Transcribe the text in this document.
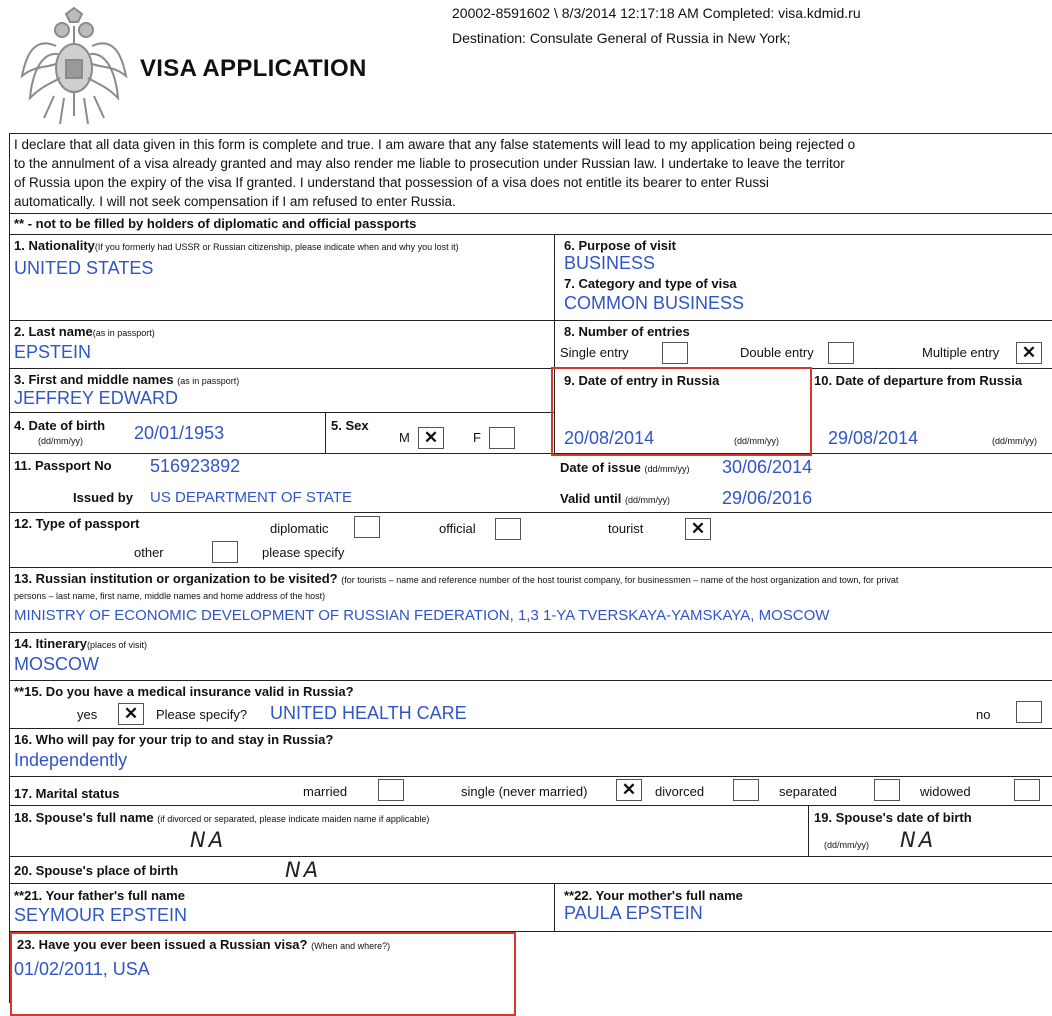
VISA APPLICATION
20002-8591602 \ 8/3/2014 12:17:18 AM Completed: visa.kdmid.ru
Destination: Consulate General of Russia in New York;
I declare that all data given in this form is complete and true. I am aware that any false statements will lead to my application being rejected o
to the annulment of a visa already granted and may also render me liable to prosecution under Russian law. I undertake to leave the territor
of Russia upon the expiry of the visa If granted. I understand that possession of a visa does not entitle its bearer to enter Russi
automatically. I will not seek compensation if I am refused to enter Russia.
** - not to be filled by holders of diplomatic and official passports
1. Nationality(If you formerly had USSR or Russian citizenship, please indicate when and why you lost it)
UNITED STATES
6. Purpose of visit
BUSINESS
7. Category and type of visa
COMMON BUSINESS
2. Last name(as in passport)
EPSTEIN
8. Number of entries
Single entry	Double entry	Multiple entry	✕
3. First and middle names (as in passport)
JEFFREY EDWARD
9. Date of entry in Russia
20/08/2014	(dd/mm/yy)
10. Date of departure from Russia
29/08/2014	(dd/mm/yy)
4. Date of birth
(dd/mm/yy)	20/01/1953	5. Sex
M ✕	F
11. Passport No 516923892
Issued by US DEPARTMENT OF STATE
Date of issue (dd/mm/yy) 30/06/2014
Valid until (dd/mm/yy)	29/06/2016
12. Type of passport	diplomatic	official	tourist	✕
other	please specify
13. Russian institution or organization to be visited? (for tourists – name and reference number of the host tourist company, for businessmen – name of the host organization and town, for privat
persons – last name, first name, middle names and home address of the host)
MINISTRY OF ECONOMIC DEVELOPMENT OF RUSSIAN FEDERATION, 1,3 1-YA TVERSKAYA-YAMSKAYA, MOSCOW
14. Itinerary(places of visit)
MOSCOW
**15. Do you have a medical insurance valid in Russia?
yes	✕	Please specify? UNITED HEALTH CARE	no
16. Who will pay for your trip to and stay in Russia?
Independently
17. Marital status	married	single (never married)	✕	divorced	separated	widowed
18. Spouse's full name (if divorced or separated, please indicate maiden name if applicable)
NA
19. Spouse's date of birth
(dd/mm/yy) NA
20. Spouse's place of birth	NA
**21. Your father's full name
SEYMOUR EPSTEIN
**22. Your mother's full name
PAULA EPSTEIN
23. Have you ever been issued a Russian visa? (When and where?)
01/02/2011, USA
